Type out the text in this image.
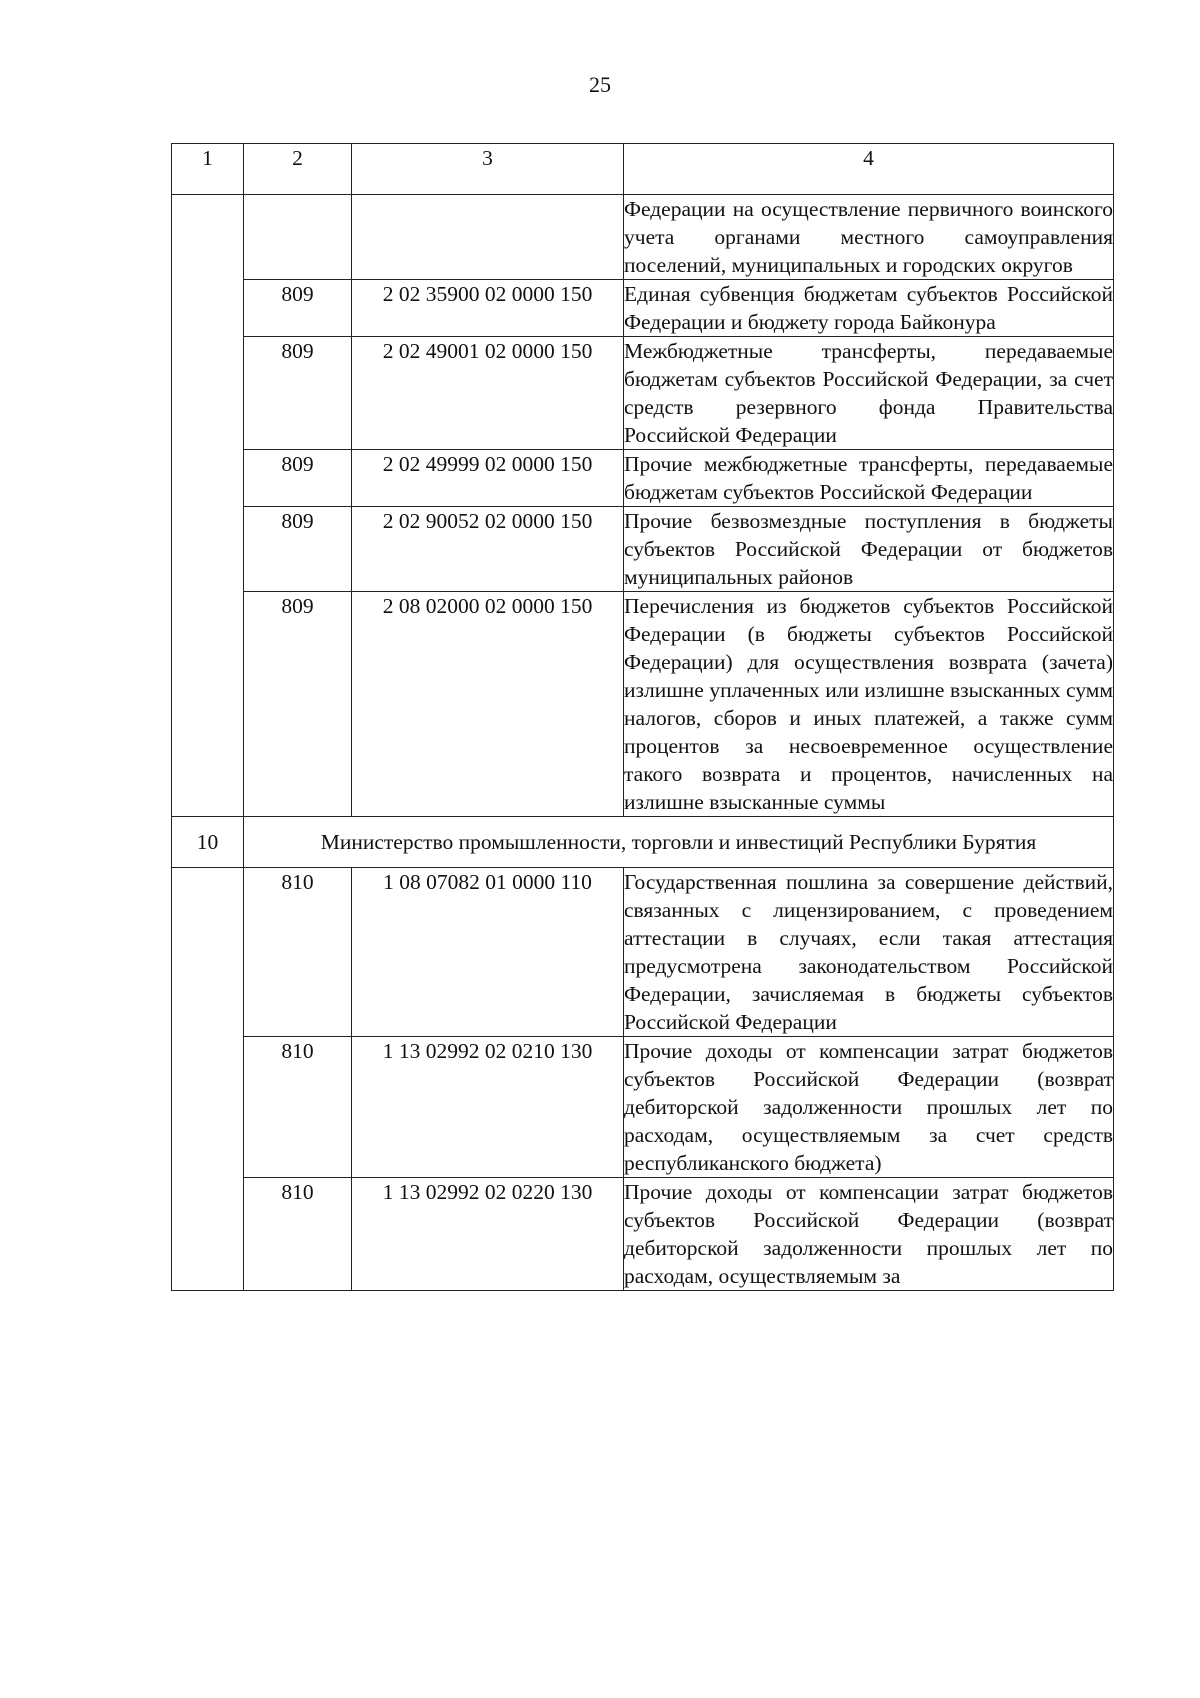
25
1	2	3	4
			Федерации на осуществление первичного воинского учета органами местного самоуправления поселений, муниципальных и городских округов
	809	2 02 35900 02 0000 150	Единая субвенция бюджетам субъектов Российской Федерации и бюджету города Байконура
	809	2 02 49001 02 0000 150	Межбюджетные трансферты, передаваемые бюджетам субъектов Российской Федерации, за счет средств резервного фонда Правительства Российской Федерации
	809	2 02 49999 02 0000 150	Прочие межбюджетные трансферты, передаваемые бюджетам субъектов Российской Федерации
	809	2 02 90052 02 0000 150	Прочие безвозмездные поступления в бюджеты субъектов Российской Федерации от бюджетов муниципальных районов
	809	2 08 02000 02 0000 150	Перечисления из бюджетов субъектов Российской Федерации (в бюджеты субъектов Российской Федерации) для осуществления возврата (зачета) излишне уплаченных или излишне взысканных сумм налогов, сборов и иных платежей, а также сумм процентов за несвоевременное осуществление такого возврата и процентов, начисленных на излишне взысканные суммы
10	Министерство промышленности, торговли и инвестиций Республики Бурятия		
	810	1 08 07082 01 0000 110	Государственная пошлина за совершение действий, связанных с лицензированием, с проведением аттестации в случаях, если такая аттестация предусмотрена законодательством Российской Федерации, зачисляемая в бюджеты субъектов Российской Федерации
	810	1 13 02992 02 0210 130	Прочие доходы от компенсации затрат бюджетов субъектов Российской Федерации (возврат дебиторской задолженности прошлых лет по расходам, осуществляемым за счет средств республиканского бюджета)
	810	1 13 02992 02 0220 130	Прочие доходы от компенсации затрат бюджетов субъектов Российской Федерации (возврат дебиторской задолженности прошлых лет по расходам, осуществляемым за
